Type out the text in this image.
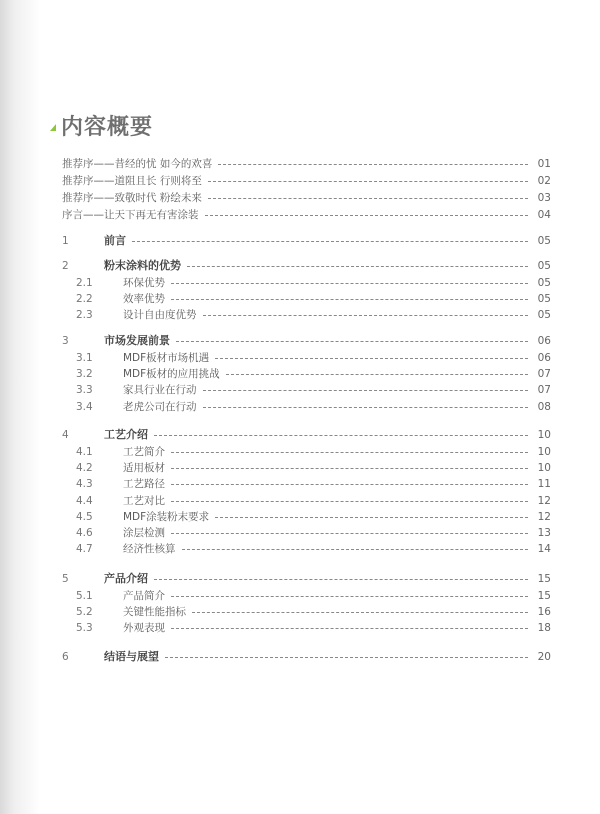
内容概要
推荐序——昔经的忧 如今的欢喜	01
推荐序——道阻且长 行则将至	02
推荐序——致敬时代 粉绘未来	03
序言——让天下再无有害涂装	04
1	前言	05
2	粉末涂料的优势	05
2.1	环保优势	05
2.2	效率优势	05
2.3	设计自由度优势	05
3	市场发展前景	06
3.1	MDF板材市场机遇	06
3.2	MDF板材的应用挑战	07
3.3	家具行业在行动	07
3.4	老虎公司在行动	08
4	工艺介绍	10
4.1	工艺简介	10
4.2	适用板材	10
4.3	工艺路径	11
4.4	工艺对比	12
4.5	MDF涂装粉末要求	12
4.6	涂层检测	13
4.7	经济性核算	14
5	产品介绍	15
5.1	产品简介	15
5.2	关键性能指标	16
5.3	外观表现	18
6	结语与展望	20
